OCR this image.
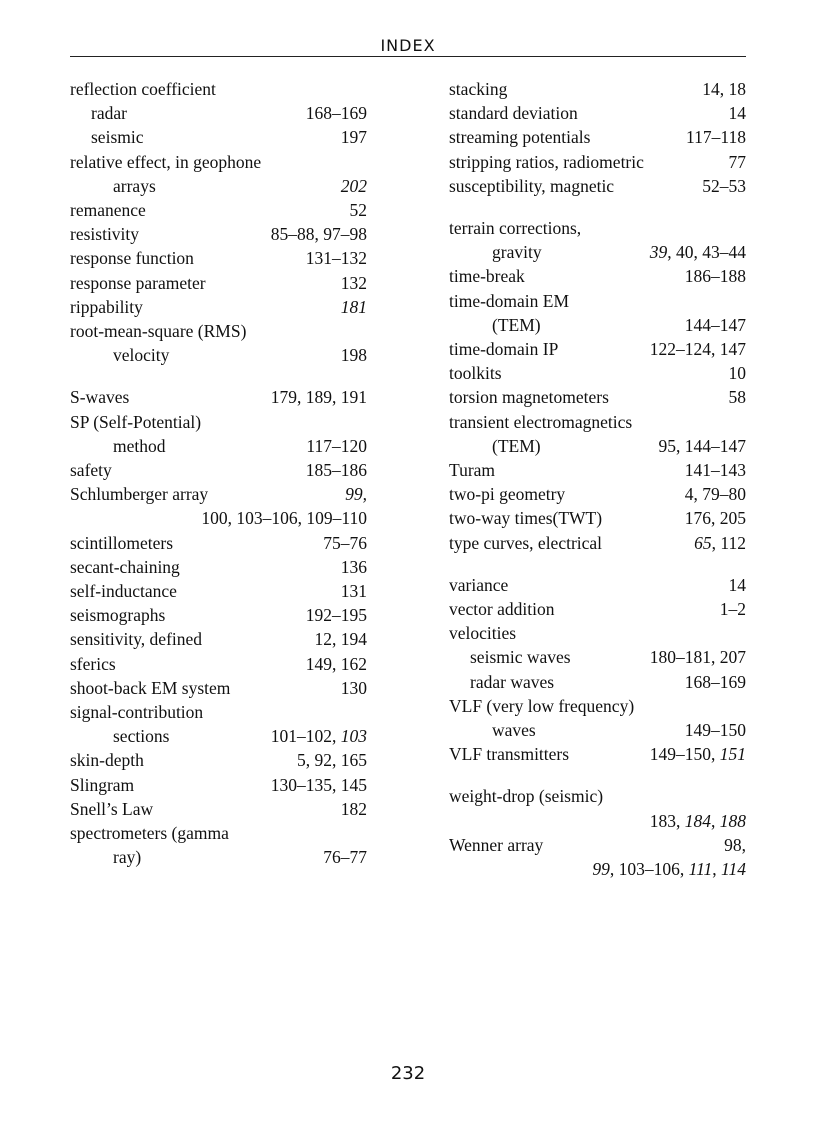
INDEX
reflection coefficient
radar	168–169
seismic	197
relative effect, in geophone
arrays	202
remanence	52
resistivity	85–88, 97–98
response function	131–132
response parameter	132
rippability	181
root-mean-square (RMS)
velocity	198
S-waves	179, 189, 191
SP (Self-Potential)
method	117–120
safety	185–186
Schlumberger array	99,
100, 103–106, 109–110
scintillometers	75–76
secant-chaining	136
self-inductance	131
seismographs	192–195
sensitivity, defined	12, 194
sferics	149, 162
shoot-back EM system	130
signal-contribution
sections	101–102, 103
skin-depth	5, 92, 165
Slingram	130–135, 145
Snell’s Law	182
spectrometers (gamma
ray)	76–77
stacking	14, 18
standard deviation	14
streaming potentials	117–118
stripping ratios, radiometric	77
susceptibility, magnetic	52–53
terrain corrections,
gravity	39, 40, 43–44
time-break	186–188
time-domain EM
(TEM)	144–147
time-domain IP	122–124, 147
toolkits	10
torsion magnetometers	58
transient electromagnetics
(TEM)	95, 144–147
Turam	141–143
two-pi geometry	4, 79–80
two-way times(TWT)	176, 205
type curves, electrical	65, 112
variance	14
vector addition	1–2
velocities
seismic waves	180–181, 207
radar waves	168–169
VLF (very low frequency)
waves	149–150
VLF transmitters	149–150, 151
weight-drop (seismic)
183, 184, 188
Wenner array	98,
99, 103–106, 111, 114
232
